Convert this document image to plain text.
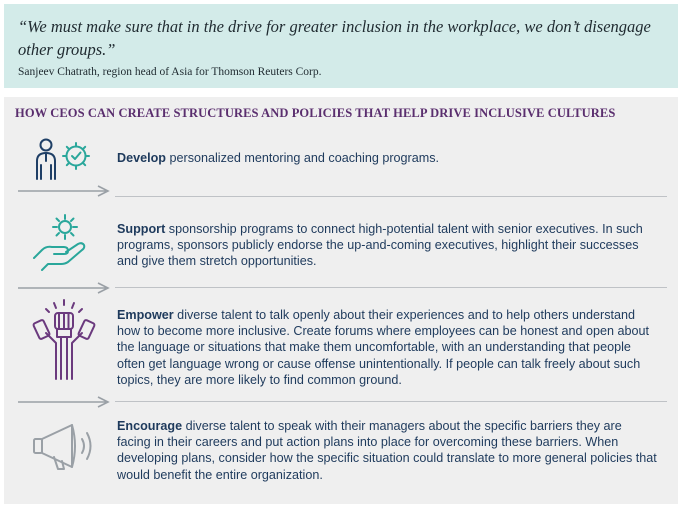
“We must make sure that in the drive for greater inclusion in the workplace, we don’t disengage other groups.”
Sanjeev Chatrath, region head of Asia for Thomson Reuters Corp.
HOW CEOS CAN CREATE STRUCTURES AND POLICIES THAT HELP DRIVE INCLUSIVE CULTURES
Develop personalized mentoring and coaching programs.
Support sponsorship programs to connect high-potential talent with senior executives. In such programs, sponsors publicly endorse the up-and-coming executives, highlight their successes and give them stretch opportunities.
Empower diverse talent to talk openly about their experiences and to help others understand how to become more inclusive. Create forums where employees can be honest and open about the language or situations that make them uncomfortable, with an understanding that people often get language wrong or cause offense unintentionally. If people can talk freely about such topics, they are more likely to find common ground.
Encourage diverse talent to speak with their managers about the specific barriers they are facing in their careers and put action plans into place for overcoming these barriers. When developing plans, consider how the specific situation could translate to more general policies that would benefit the entire organization.
